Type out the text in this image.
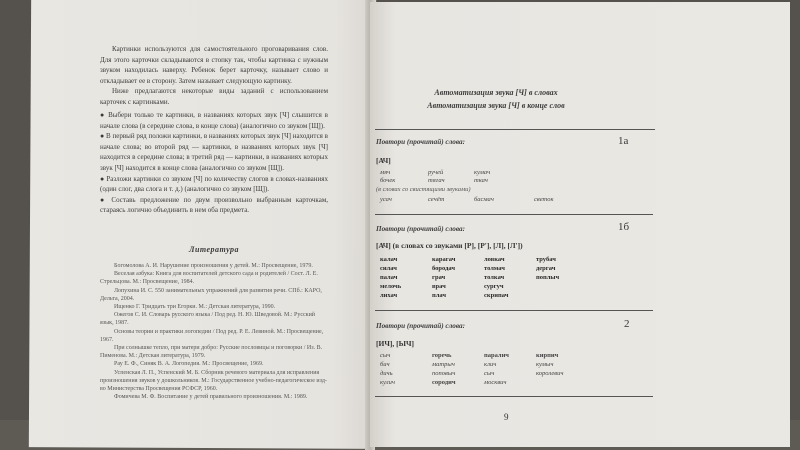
Картинки используются для самостоятельного проговаривания слов. Для этого карточки складываются в стопку так, чтобы картинка с нужным звуком находилась наверху. Ребенок берет карточку, называет слово и откладывает ее в сторону. Затем называет следующую картинку.

Ниже предлагаются некоторые виды заданий с использованием карточек с картинками.

● Выбери только те картинки, в названиях которых звук [Ч] слышится в начале слова (в середине слова, в конце слова) (аналогично со звуком [Щ]).

● В первый ряд положи картинки, в названиях которых звук [Ч] находится в начале слова; во второй ряд — картинки, в названиях которых звук [Ч] находится в середине слова; в третий ряд — картинки, в названиях которых звук [Ч] находится в конце слова (аналогично со звуком [Щ]).

● Разложи картинки со звуком [Ч] по количеству слогов в словах-названиях (один слог, два слога и т. д.) (аналогично со звуком [Щ]).

● Составь предложение по двум произвольно выбранным карточкам, стараясь логично объединить в нем оба предмета.

Литература
Богомолова А. И. Нарушение произношения у детей. М.: Просвещение, 1979.
Веселая азбука: Книга для воспитателей детского сада и родителей / Сост. Л. Е. Стрельцова. М.: Просвещение, 1984.
Лопухина И. С. 550 занимательных упражнений для развития речи. СПб.: КАРО, Дельта, 2004.
Ищенко Г. Тридцать три Егорки. М.: Детская литература, 1990.
Ожегов С. И. Словарь русского языка / Под ред. Н. Ю. Шведовой. М.: Русский язык, 1987.
Основы теории и практики логопедии / Под ред. Р. Е. Левиной. М.: Просвещение, 1967.
При солнышке тепло, при матери добро: Русские пословицы и поговорки / Из. В. Пименова. М.: Детская литература, 1979.
Рау Е. Ф., Синяк В. А. Логопедия. М.: Просвещение, 1969.
Успенская Л. П., Успенский М. Б. Сборник речевого материала для исправления произношения звуков у дошкольников. М.: Государственное учебно-педагогическое изд-во Министерства Просвещения РСФСР, 1960.
Фомичева М. Ф. Воспитание у детей правильного произношения. М.: 1989.
Автоматизация звука [Ч] в словах
Автоматизация звука [Ч] в конце слов
Повтори (прочитай) слова:	1а
[АЧ]
мяч	ручей	кумач
бочек	тягач	ткач
(в словах со свистящими звуками)
усач	сечёт	басмач	светок
Повтори (прочитай) слова:	1б
[АЧ] (в словах со звуками [Р], [Р'], [Л], [Л'])
калач	карагач	ловкач	трубач
силач	бородач	толмач	дергач
палач	грач	толкач	поплыч
мелочь	врач	сургуч
лихач	плач	скрипач
Повтори (прочитай) слова:	2
[ИЧ], [ЫЧ]
сыч	горечь	паралич	кирпич
бич	матрыч	клич	кумыч
дичь	поповыч	сыч	королевич
кулич	сородич	москвич
9
